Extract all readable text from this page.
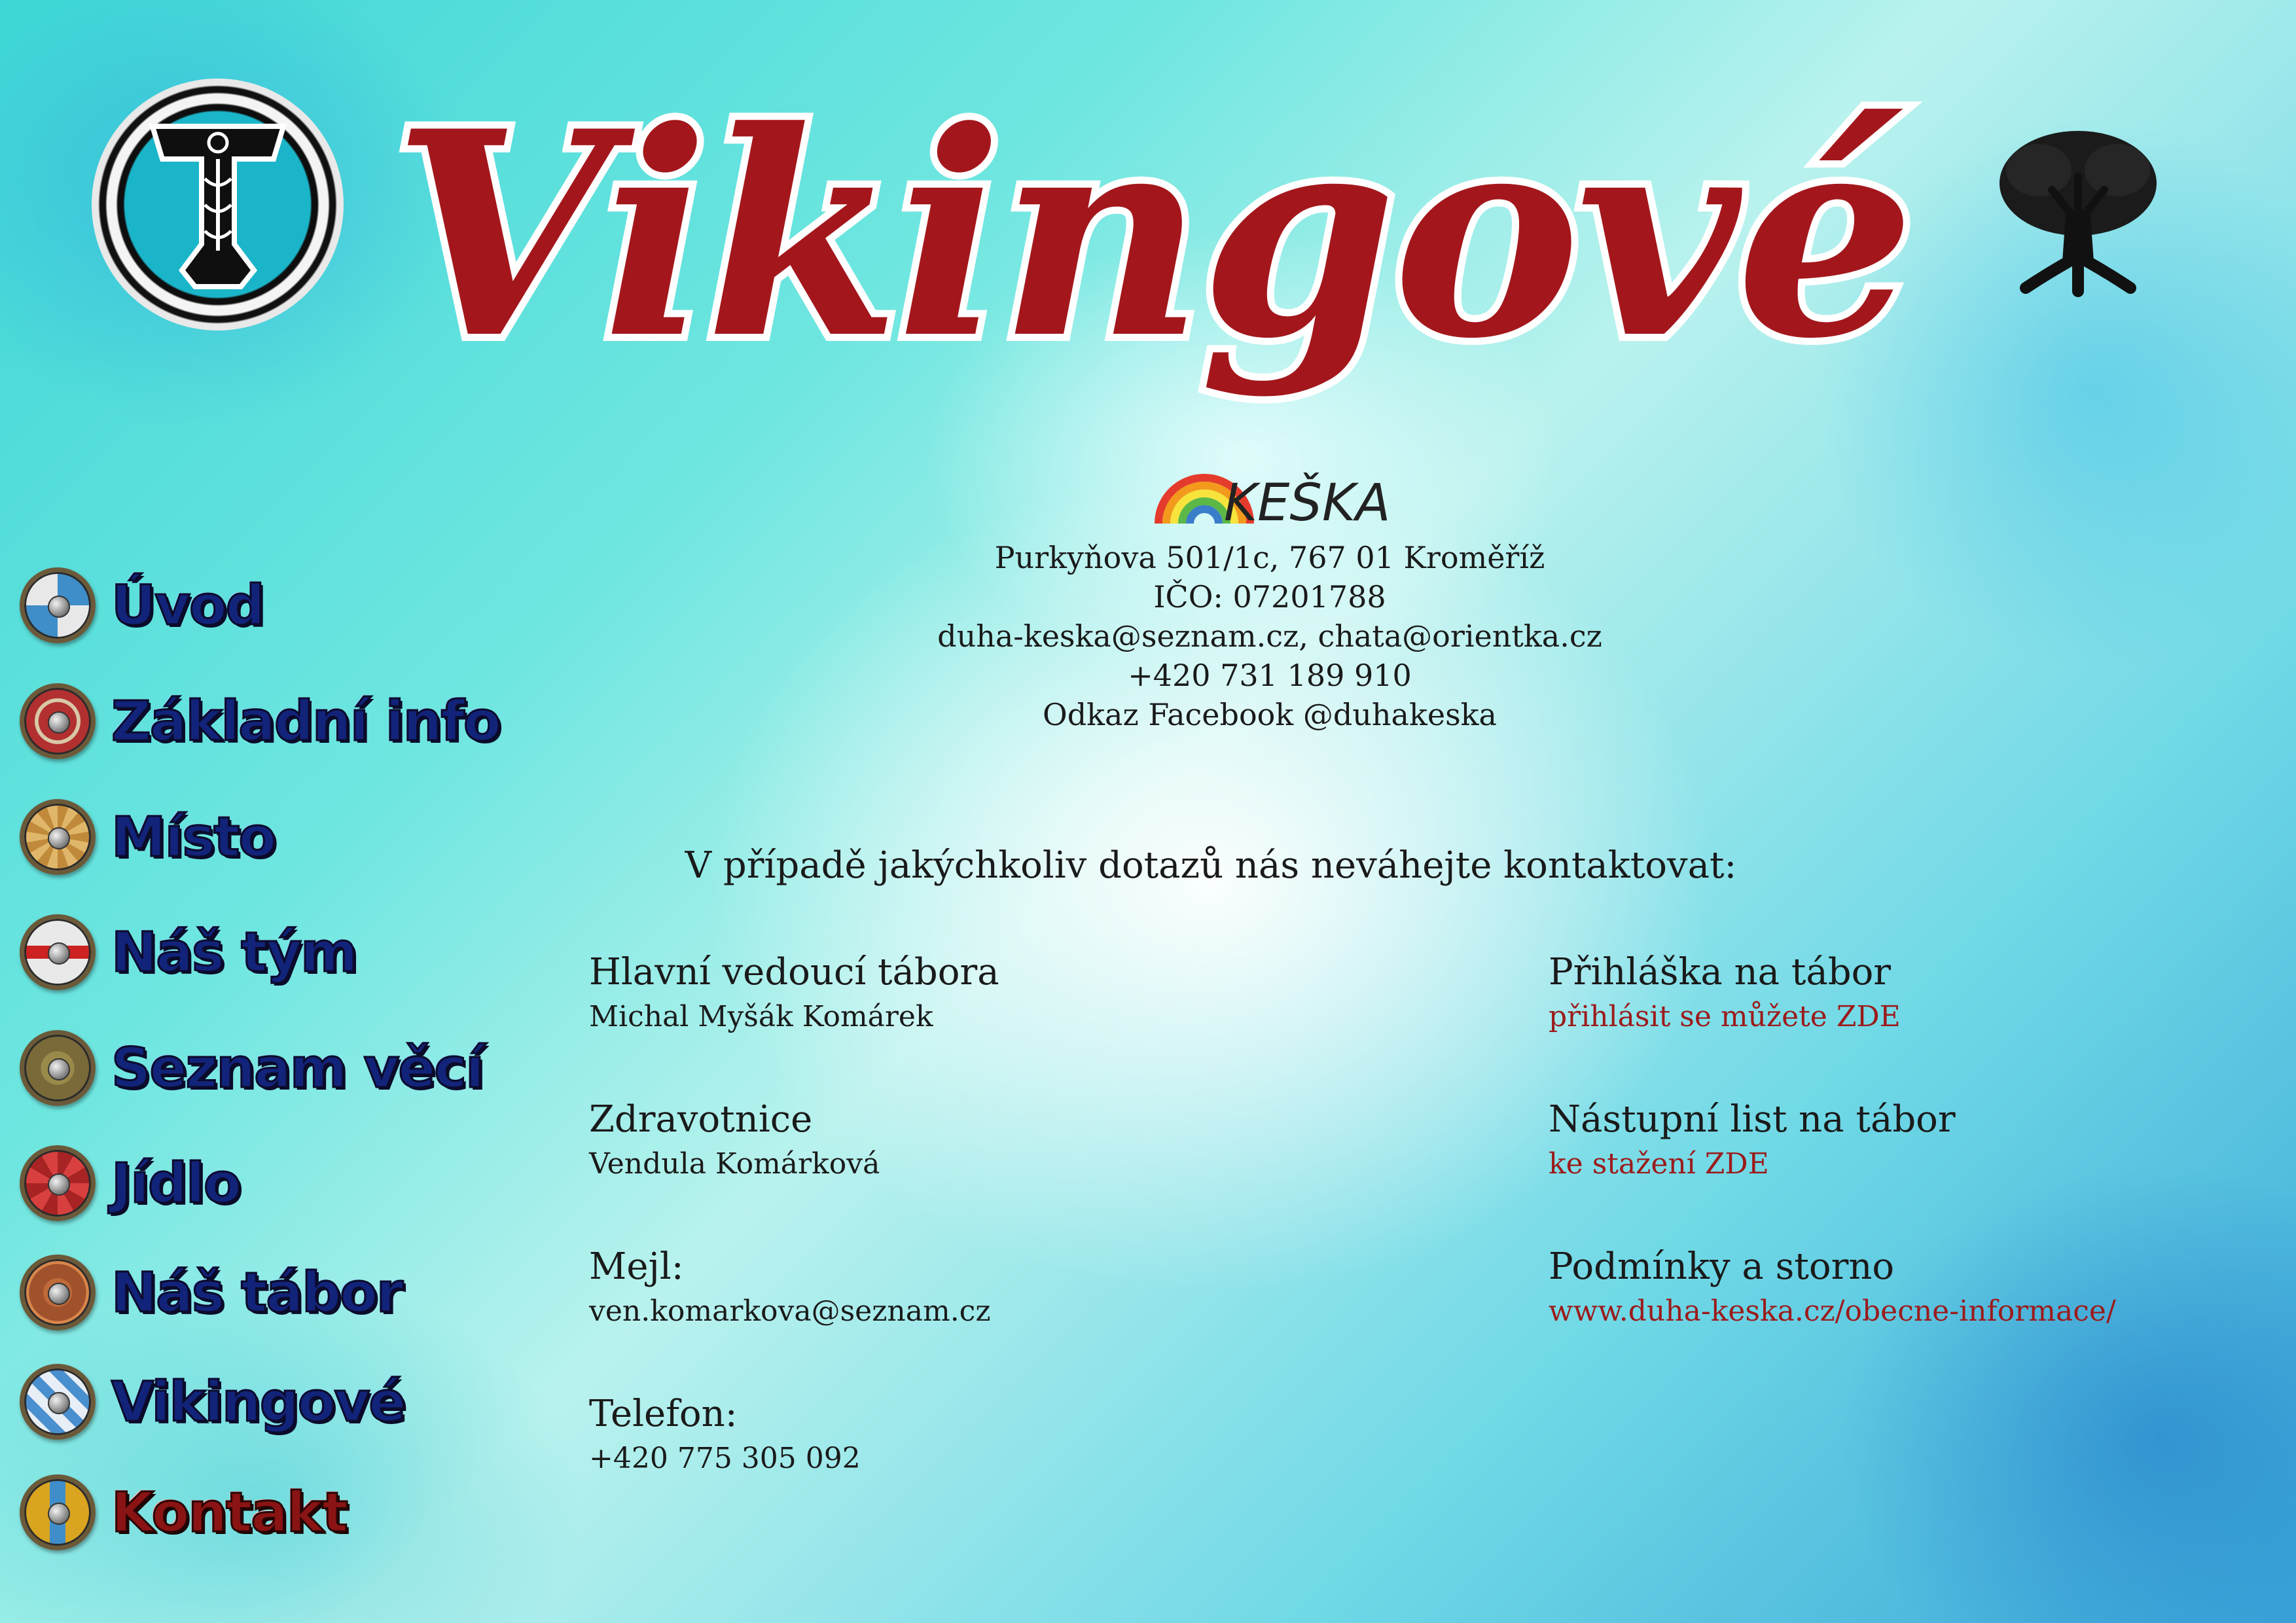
Vikingové
KEŠKA
Purkyňova 501/1c, 767 01 Kroměříž
IČO: 07201788
duha-keska@seznam.cz, chata@orientka.cz
+420 731 189 910
Odkaz Facebook @duhakeska
V případě jakýchkoliv dotazů nás neváhejte kontaktovat:
Úvod
Základní info
Místo
Náš tým
Seznam věcí
Jídlo
Náš tábor
Vikingové
Kontakt
Hlavní vedoucí tábora
Michal Myšák Komárek
Zdravotnice
Vendula Komárková
Mejl:
ven.komarkova@seznam.cz
Telefon:
+420 775 305 092
Přihláška na tábor
přihlásit se můžete ZDE
Nástupní list na tábor
ke stažení ZDE
Podmínky a storno
www.duha-keska.cz/obecne-informace/
